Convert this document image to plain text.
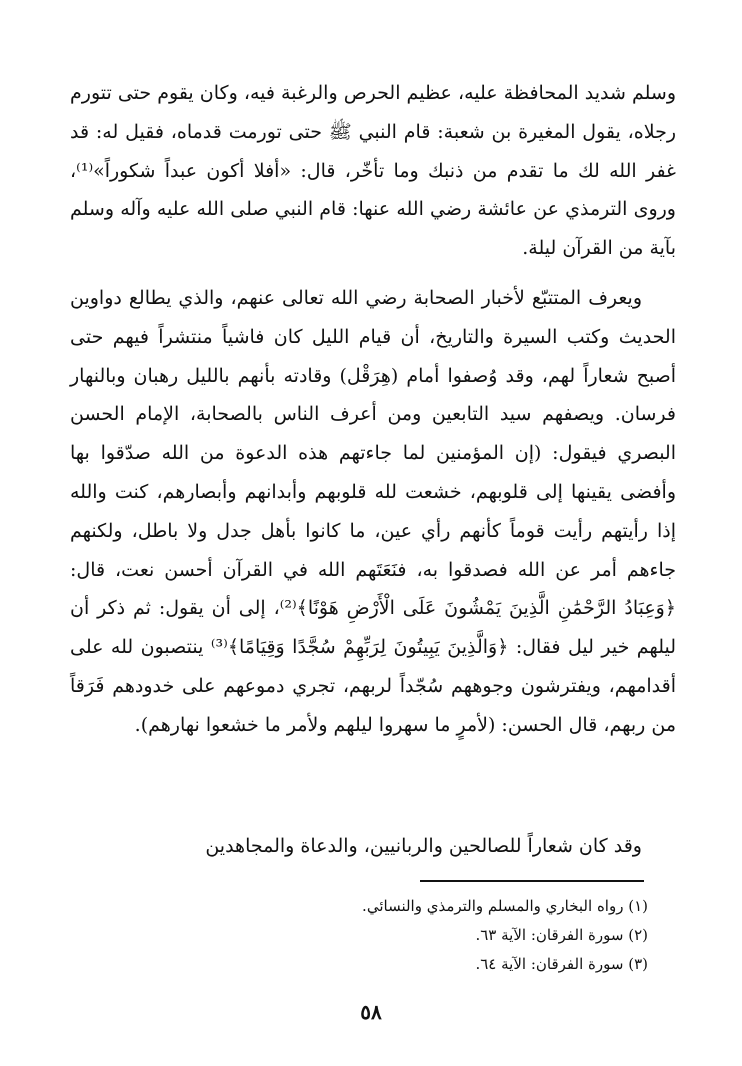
وسلم شديد المحافظة عليه، عظيم الحرص والرغبة فيه، وكان يقوم حتى تتورم رجلاه، يقول المغيرة بن شعبة: قام النبي ﷺ حتى تورمت قدماه، فقيل له: قد غفر الله لك ما تقدم من ذنبك وما تأخّر، قال: «أفلا أكون عبداً شكوراً»⁽¹⁾، وروى الترمذي عن عائشة رضي الله عنها: قام النبي صلى الله عليه وآله وسلم بآية من القرآن ليلة.

ويعرف المتتبّع لأخبار الصحابة رضي الله تعالى عنهم، والذي يطالع دواوين الحديث وكتب السيرة والتاريخ، أن قيام الليل كان فاشياً منتشراً فيهم حتى أصبح شعاراً لهم، وقد وُصفوا أمام (هِرَقْل) وقادته بأنهم بالليل رهبان وبالنهار فرسان. ويصفهم سيد التابعين ومن أعرف الناس بالصحابة، الإمام الحسن البصري فيقول: (إن المؤمنين لما جاءتهم هذه الدعوة من الله صدّقوا بها وأفضى يقينها إلى قلوبهم، خشعت لله قلوبهم وأبدانهم وأبصارهم، كنت والله إذا رأيتهم رأيت قوماً كأنهم رأي عين، ما كانوا بأهل جدل ولا باطل، ولكنهم جاءهم أمر عن الله فصدقوا به، فنَعَتَهم الله في القرآن أحسن نعت، قال: ﴿وَعِبَادُ الرَّحْمَٰنِ الَّذِينَ يَمْشُونَ عَلَى الْأَرْضِ هَوْنًا﴾⁽²⁾، إلى أن يقول: ثم ذكر أن ليلهم خير ليل فقال: ﴿وَالَّذِينَ يَبِيتُونَ لِرَبِّهِمْ سُجَّدًا وَقِيَامًا﴾⁽³⁾ ينتصبون لله على أقدامهم، ويفترشون وجوههم سُجّداً لربهم، تجري دموعهم على خدودهم فَرَقاً من ربهم، قال الحسن: (لأمرٍ ما سهروا ليلهم ولأمر ما خشعوا نهارهم).

وقد كان شعاراً للصالحين والربانيين، والدعاة والمجاهدين

(١) رواه البخاري والمسلم والترمذي والنسائي.
(٢) سورة الفرقان: الآية ٦٣.
(٣) سورة الفرقان: الآية ٦٤.
٥٨
